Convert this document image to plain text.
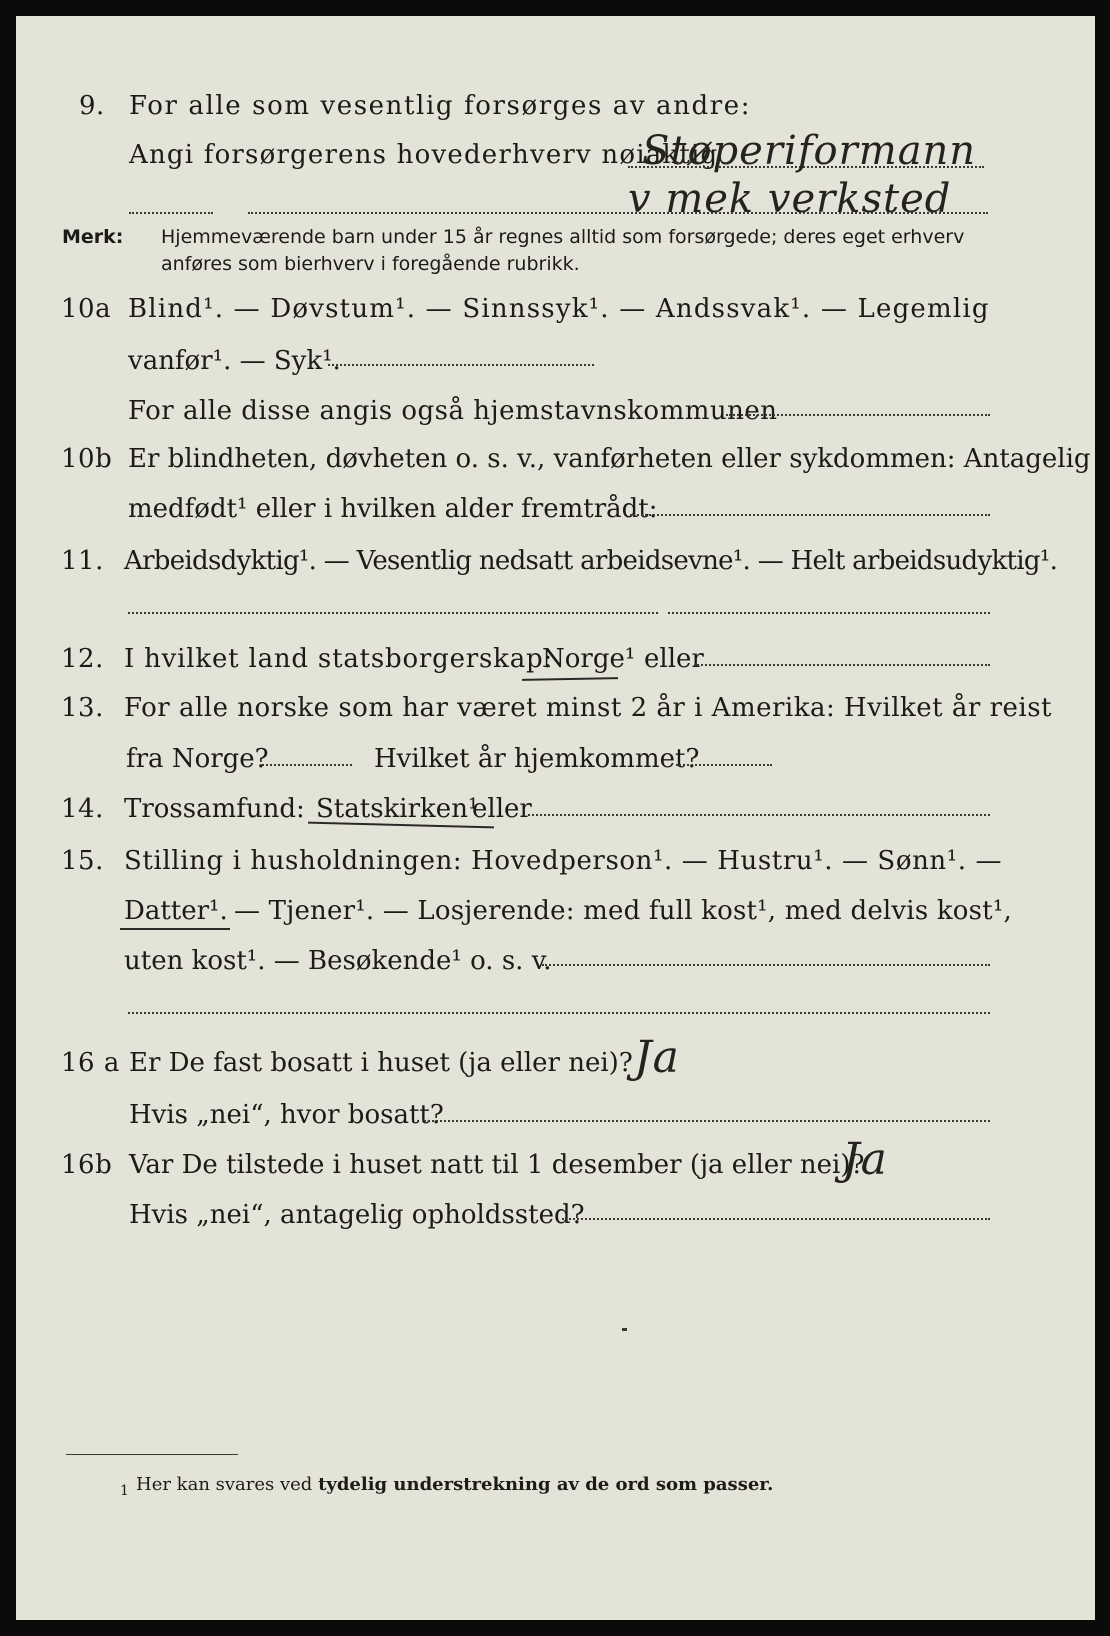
9. For alle som vesentlig forsørges av andre:
Angi forsørgerens hovederhverv nøiaktig
Støperiformann
v mek verksted
Merk: Hjemmeværende barn under 15 år regnes alltid som forsørgede; deres eget erhverv
anføres som bierhverv i foregående rubrikk.
10a Blind¹. — Døvstum¹. — Sinnssyk¹. — Andssvak¹. — Legemlig
vanfør¹. — Syk¹.
For alle disse angis også hjemstavnskommunen
10b Er blindheten, døvheten o. s. v., vanførheten eller sykdommen: Antagelig
medfødt¹ eller i hvilken alder fremtrådt:
11. Arbeidsdyktig¹. — Vesentlig nedsatt arbeidsevne¹. — Helt arbeidsudyktig¹.
12. I hvilket land statsborgerskap:
Norge¹ eller
13. For alle norske som har været minst 2 år i Amerika: Hvilket år reist
fra Norge?	Hvilket år hjemkommet?
14. Trossamfund: Statskirken¹
eller
15. Stilling i husholdningen: Hovedperson¹. — Hustru¹. — Sønn¹. —
Datter¹. — Tjener¹. — Losjerende: med full kost¹, med delvis kost¹,
uten kost¹. — Besøkende¹ o. s. v.
16 a Er De fast bosatt i huset (ja eller nei)? Ja
Hvis „nei“, hvor bosatt?
16b Var De tilstede i huset natt til 1 desember (ja eller nei)?
Ja
Hvis „nei“, antagelig opholdssted?
1 Her kan svares ved tydelig understrekning av de ord som passer.
